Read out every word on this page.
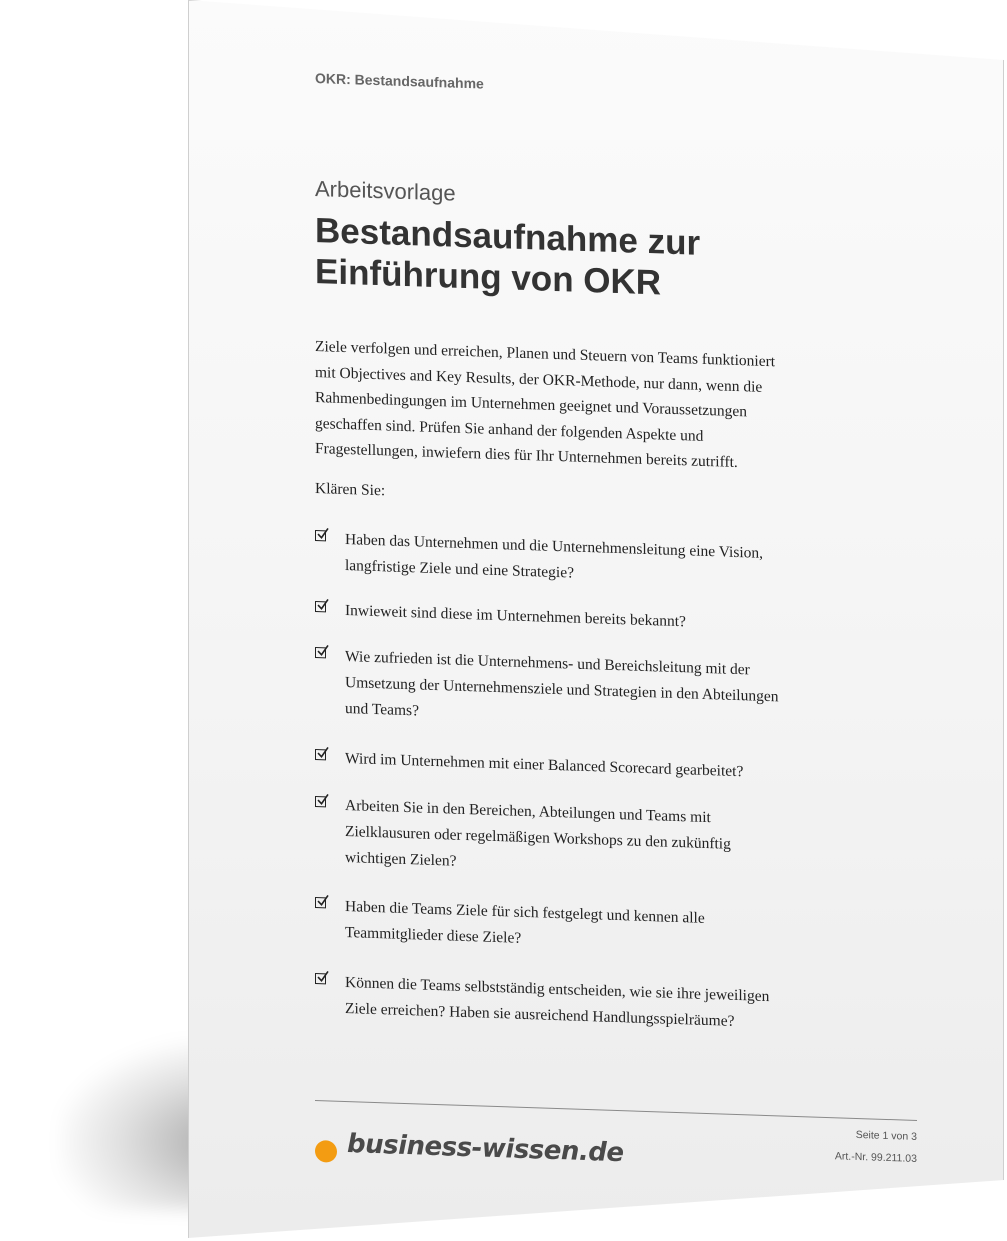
OKR: Bestandsaufnahme
Arbeitsvorlage
Bestandsaufnahme zur
Einführung von OKR
Ziele verfolgen und erreichen, Planen und Steuern von Teams funktioniert mit Objectives and Key Results, der OKR-Methode, nur dann, wenn die Rahmenbedingungen im Unternehmen geeignet und Voraussetzungen geschaffen sind. Prüfen Sie anhand der folgenden Aspekte und Fragestellungen, inwiefern dies für Ihr Unternehmen bereits zutrifft.
Klären Sie:
Haben das Unternehmen und die Unternehmensleitung eine Vision, langfristige Ziele und eine Strategie?
Inwieweit sind diese im Unternehmen bereits bekannt?
Wie zufrieden ist die Unternehmens- und Bereichsleitung mit der Umsetzung der Unternehmensziele und Strategien in den Abteilungen und Teams?
Wird im Unternehmen mit einer Balanced Scorecard gearbeitet?
Arbeiten Sie in den Bereichen, Abteilungen und Teams mit Zielklausuren oder regelmäßigen Workshops zu den zukünftig wichtigen Zielen?
Haben die Teams Ziele für sich festgelegt und kennen alle Teammitglieder diese Ziele?
Können die Teams selbstständig entscheiden, wie sie ihre jeweiligen Ziele erreichen? Haben sie ausreichend Handlungsspielräume?
Seite 1 von 3
Art.-Nr. 99.211.03
business-wissen.de
